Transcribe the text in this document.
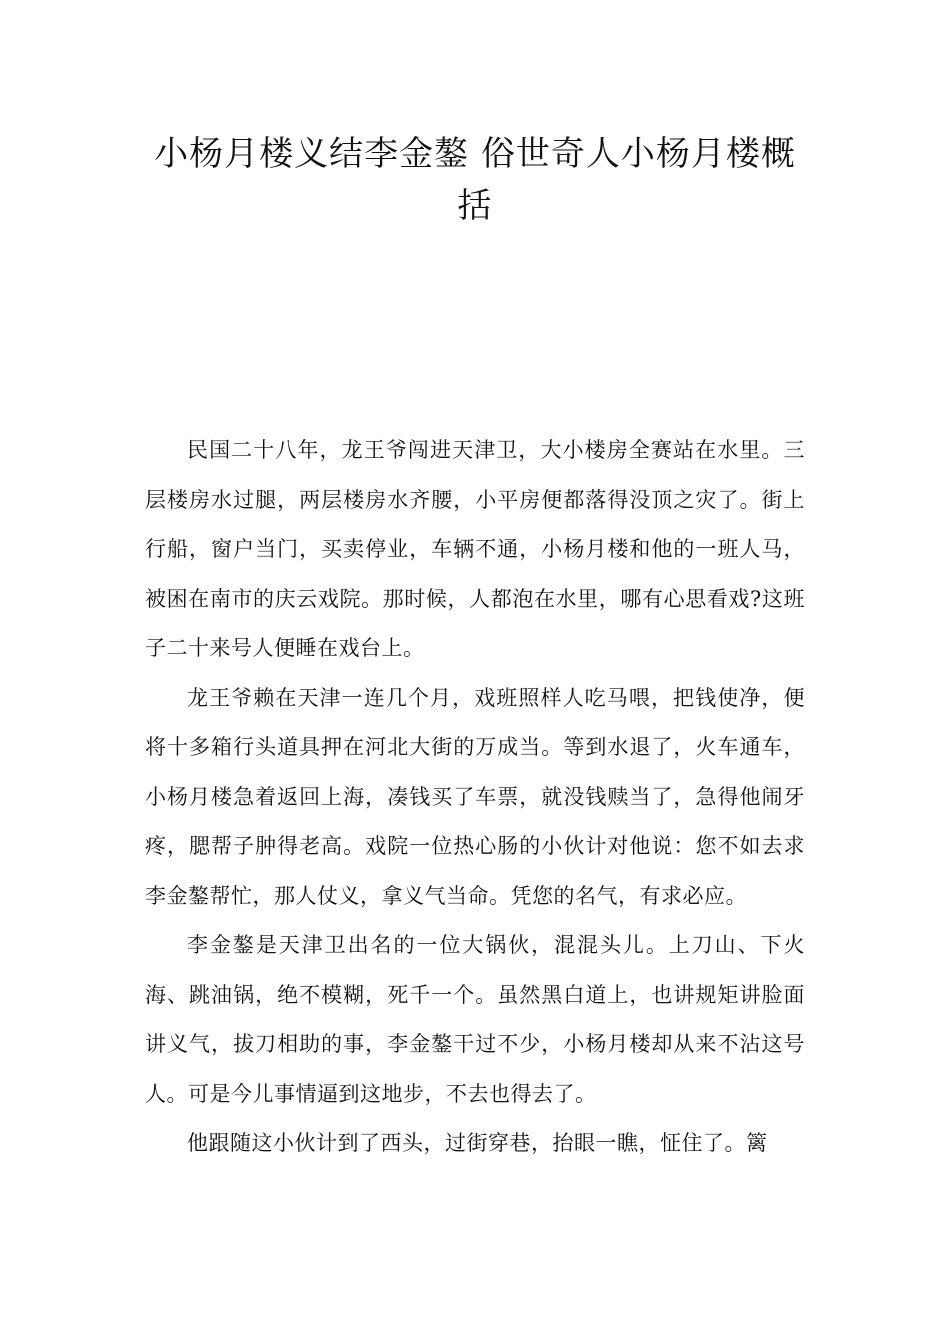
小杨月楼义结李金鏊 俗世奇人小杨月楼概括

民国二十八年，龙王爷闯进天津卫，大小楼房全赛站在水里。三层楼房水过腿，两层楼房水齐腰，小平房便都落得没顶之灾了。街上行船，窗户当门，买卖停业，车辆不通，小杨月楼和他的一班人马，被困在南市的庆云戏院。那时候，人都泡在水里，哪有心思看戏?这班子二十来号人便睡在戏台上。

龙王爷赖在天津一连几个月，戏班照样人吃马喂，把钱使净，便将十多箱行头道具押在河北大街的万成当。等到水退了，火车通车，小杨月楼急着返回上海，凑钱买了车票，就没钱赎当了，急得他闹牙疼，腮帮子肿得老高。戏院一位热心肠的小伙计对他说：您不如去求李金鏊帮忙，那人仗义，拿义气当命。凭您的名气，有求必应。

李金鏊是天津卫出名的一位大锅伙，混混头儿。上刀山、下火海、跳油锅，绝不模糊，死千一个。虽然黑白道上，也讲规矩讲脸面讲义气，拔刀相助的事，李金鏊干过不少，小杨月楼却从来不沾这号人。可是今儿事情逼到这地步，不去也得去了。

他跟随这小伙计到了西头，过街穿巷，抬眼一瞧，怔住了。篱
